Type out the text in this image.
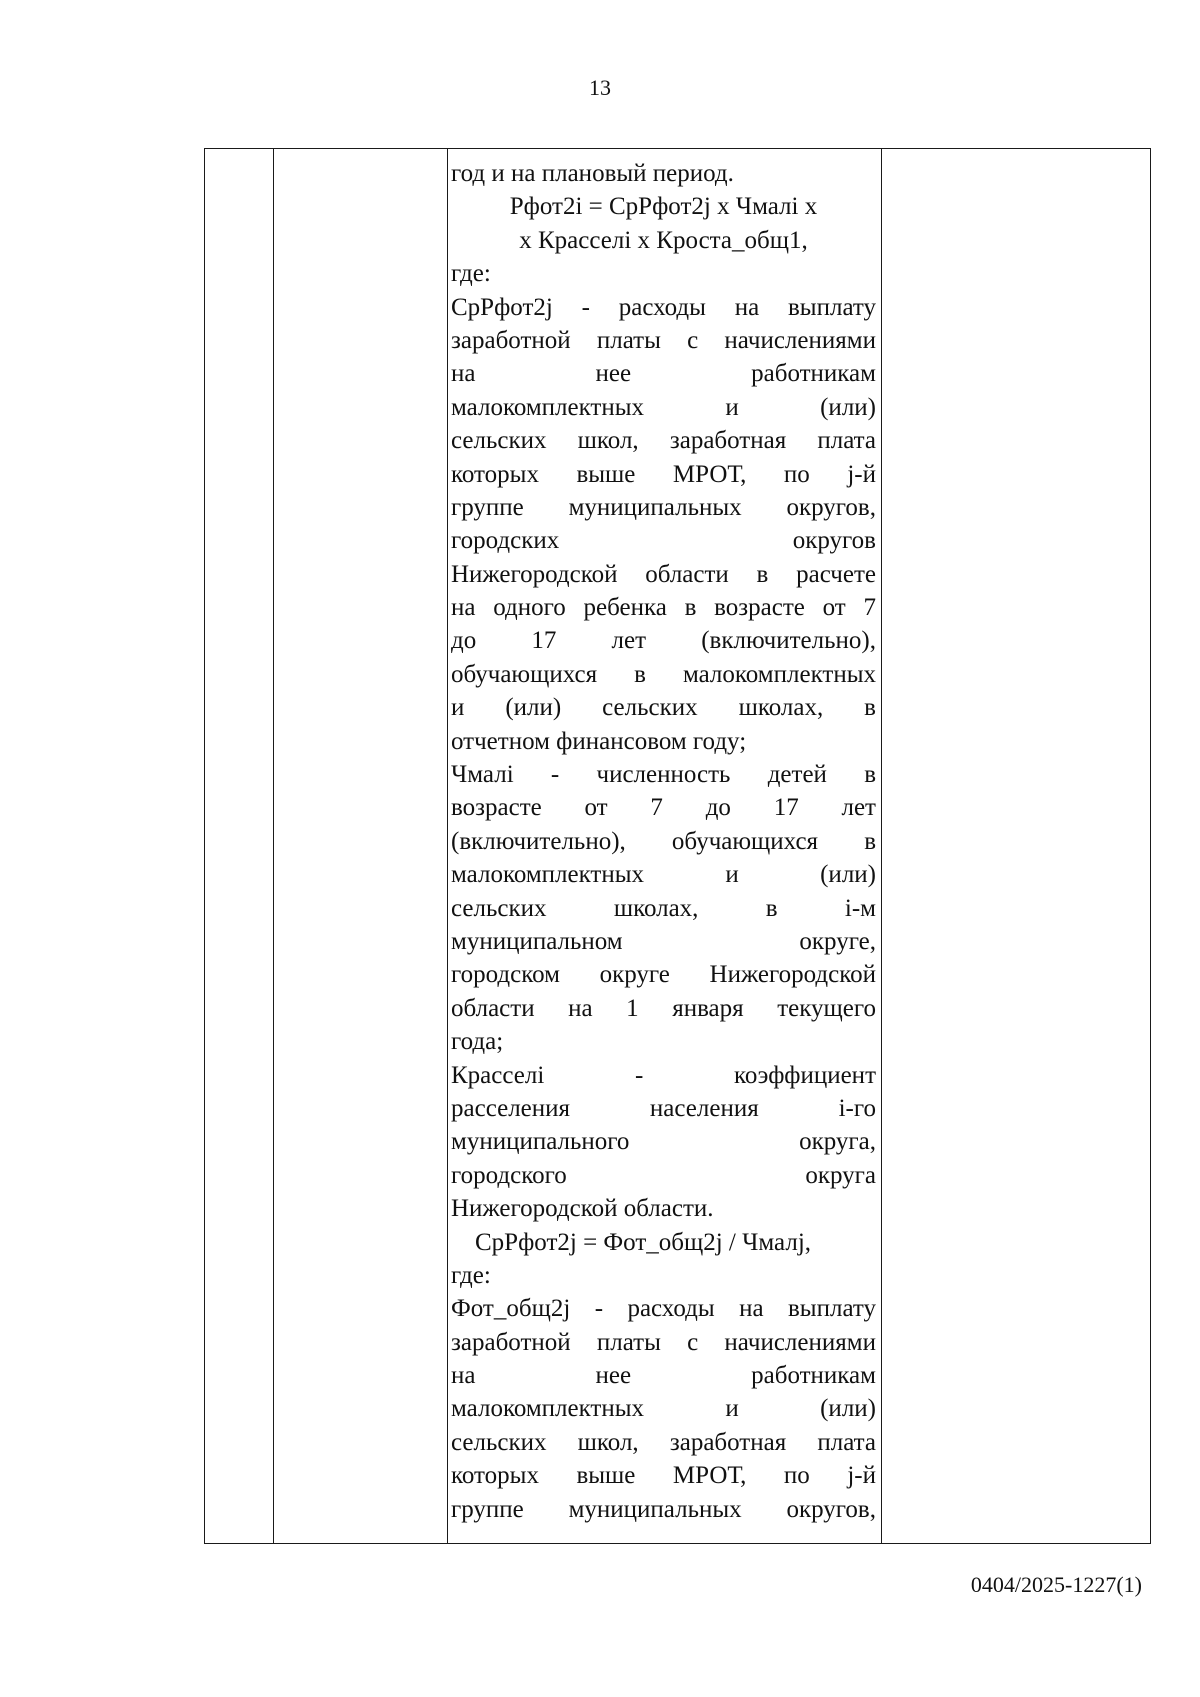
13
год и на плановый период.
Рфот2i = СрРфот2j x Чмалi x
x Красселi x Кроста_общ1,
где:
СрРфот2j - расходы на выплату
заработной платы с начислениями
на	нее	работникам
малокомплектных	и	(или)
сельских школ, заработная плата
которых выше МРОТ, по j-й
группе муниципальных округов,
городских	округов
Нижегородской области в расчете
на одного ребенка в возрасте от 7
до 17 лет (включительно),
обучающихся в малокомплектных
и (или) сельских школах, в
отчетном финансовом году;
Чмалi - численность детей в
возрасте от 7 до 17 лет
(включительно), обучающихся в
малокомплектных	и	(или)
сельских	школах,	в	i-м
муниципальном	округе,
городском округе Нижегородской
области на 1 января текущего
года;
Красселi	-	коэффициент
расселения	населения	i-го
муниципального	округа,
городского	округа
Нижегородской области.
СрРфот2j = Фот_общ2j / Чмалj,
где:
Фот_общ2j - расходы на выплату
заработной платы с начислениями
на	нее	работникам
малокомплектных	и	(или)
сельских школ, заработная плата
которых выше МРОТ, по j-й
группе муниципальных округов,
0404/2025-1227(1)
